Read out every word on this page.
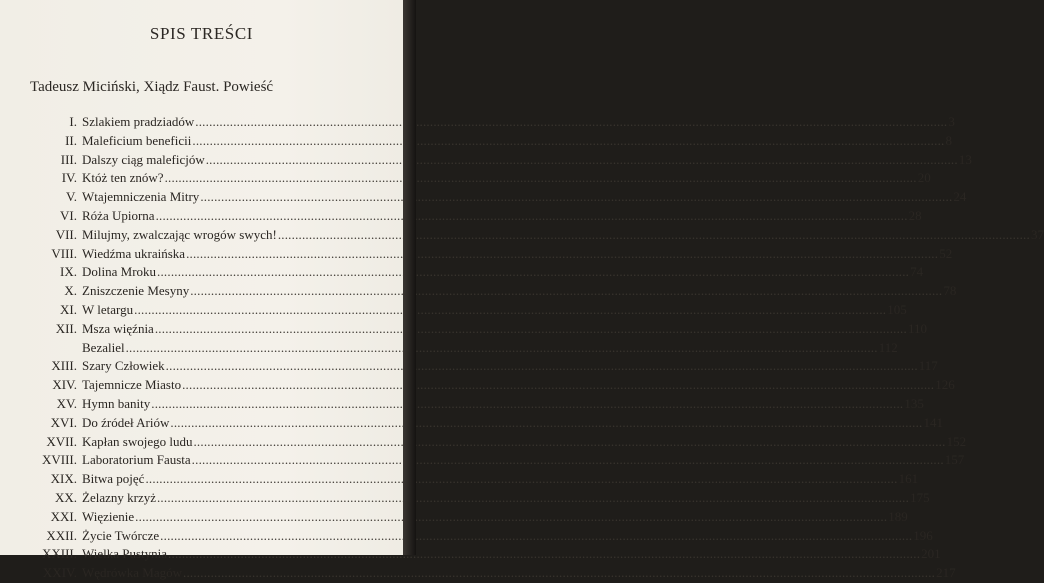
SPIS TREŚCI
Tadeusz Miciński, Xiądz Faust. Powieść
I. Szlakiem pradziadów .....	3
II. Maleficium beneficii .....	8
III. Dalszy ciąg maleficjów .....	13
IV. Któż ten znów? .....	20
V. Wtajemniczenia Mitry .....	24
VI. Róża Upiorna .....	28
VII. Milujmy, zwalczając wrogów swych! .....	37
VIII. Wiedźma ukraińska .....	52
IX. Dolina Mroku .....	74
X. Zniszczenie Mesyny .....	78
XI. W letargu .....	105
XII. Msza więźnia .....	110
Bezaliel .....	112
XIII. Szary Człowiek .....	117
XIV. Tajemnicze Miasto .....	126
XV. Hymn banity .....	135
XVI. Do źródeł Ariów .....	141
XVII. Kapłan swojego ludu .....	152
XVIII. Laboratorium Fausta .....	157
XIX. Bitwa pojęć .....	161
XX. Żelazny krzyż .....	175
XXI. Więzienie .....	189
XXII. Życie Twórcze .....	196
XXIII. Wielka Pustynia .....	201
XXIV. Wędrówka Magów .....	217
